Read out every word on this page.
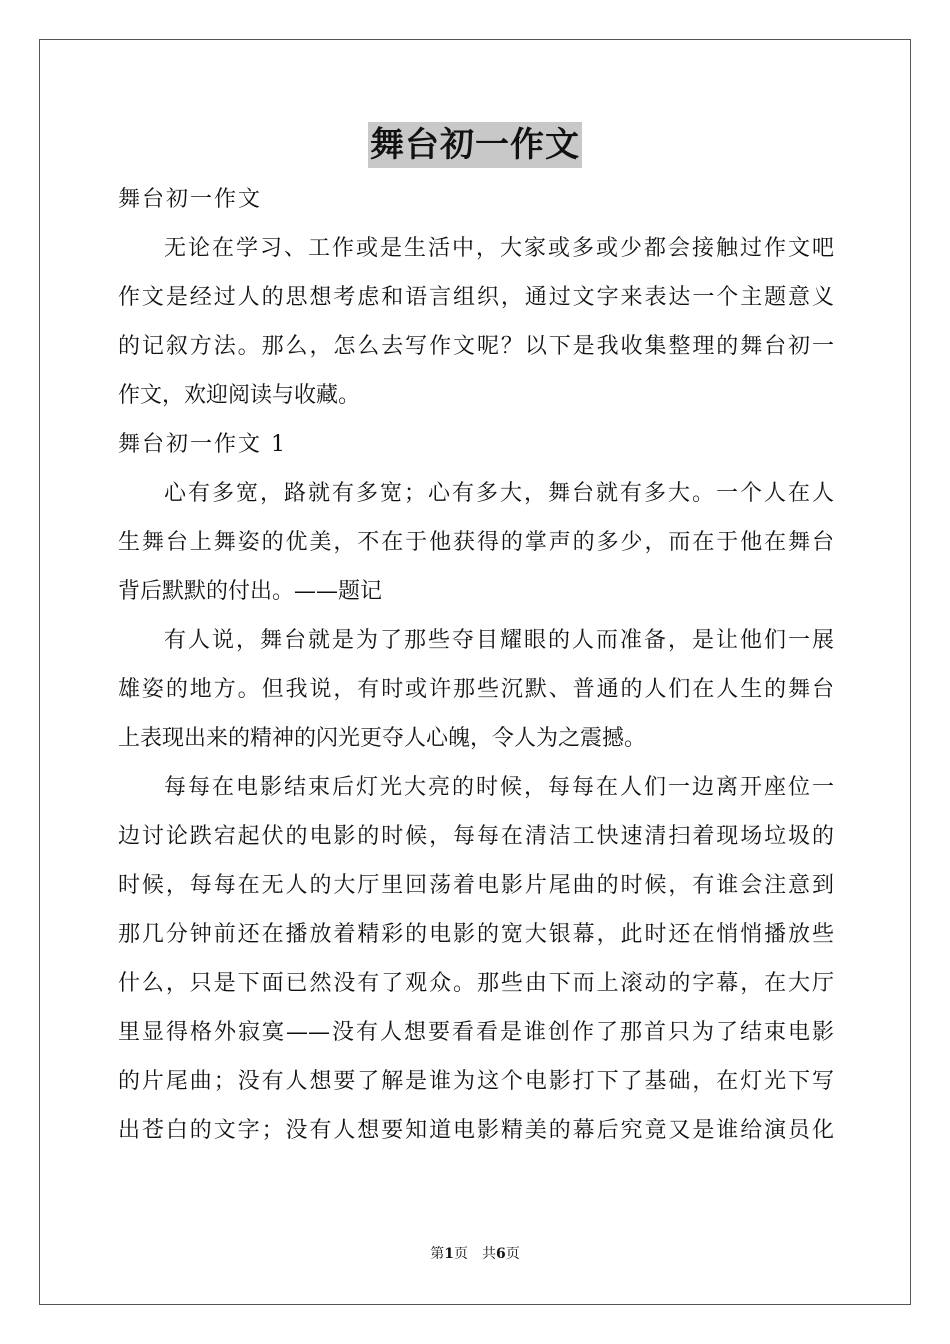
舞台初一作文
舞台初一作文
无论在学习、工作或是生活中，大家或多或少都会接触过作文吧
作文是经过人的思想考虑和语言组织，通过文字来表达一个主题意义
的记叙方法。那么，怎么去写作文呢？以下是我收集整理的舞台初一
作文，欢迎阅读与收藏。
舞台初一作文 1
心有多宽，路就有多宽；心有多大，舞台就有多大。一个人在人
生舞台上舞姿的优美，不在于他获得的掌声的多少，而在于他在舞台
背后默默的付出。——题记
有人说，舞台就是为了那些夺目耀眼的人而准备，是让他们一展
雄姿的地方。但我说，有时或许那些沉默、普通的人们在人生的舞台
上表现出来的精神的闪光更夺人心魄，令人为之震撼。
每每在电影结束后灯光大亮的时候，每每在人们一边离开座位一
边讨论跌宕起伏的电影的时候，每每在清洁工快速清扫着现场垃圾的
时候，每每在无人的大厅里回荡着电影片尾曲的时候，有谁会注意到
那几分钟前还在播放着精彩的电影的宽大银幕，此时还在悄悄播放些
什么，只是下面已然没有了观众。那些由下而上滚动的字幕，在大厅
里显得格外寂寞——没有人想要看看是谁创作了那首只为了结束电影
的片尾曲；没有人想要了解是谁为这个电影打下了基础，在灯光下写
出苍白的文字；没有人想要知道电影精美的幕后究竟又是谁给演员化
第1页　共6页
